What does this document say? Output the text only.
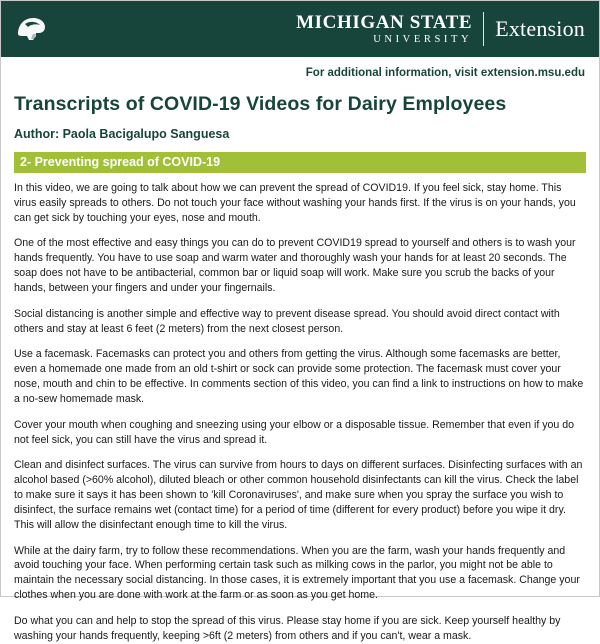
MICHIGAN STATE
UNIVERSITY Extension
For additional information, visit extension.msu.edu
Transcripts of COVID-19 Videos for Dairy Employees
Author: Paola Bacigalupo Sanguesa
2- Preventing spread of COVID-19

In this video, we are going to talk about how we can prevent the spread of COVID19. If you feel sick, stay home. This virus easily spreads to others. Do not touch your face without washing your hands first. If the virus is on your hands, you can get sick by touching your eyes, nose and mouth.

One of the most effective and easy things you can do to prevent COVID19 spread to yourself and others is to wash your hands frequently. You have to use soap and warm water and thoroughly wash your hands for at least 20 seconds. The soap does not have to be antibacterial, common bar or liquid soap will work. Make sure you scrub the backs of your hands, between your fingers and under your fingernails.

Social distancing is another simple and effective way to prevent disease spread. You should avoid direct contact with others and stay at least 6 feet (2 meters) from the next closest person.

Use a facemask. Facemasks can protect you and others from getting the virus. Although some facemasks are better, even a homemade one made from an old t-shirt or sock can provide some protection. The facemask must cover your nose, mouth and chin to be effective. In comments section of this video, you can find a link to instructions on how to make a no-sew homemade mask.

Cover your mouth when coughing and sneezing using your elbow or a disposable tissue. Remember that even if you do not feel sick, you can still have the virus and spread it.

Clean and disinfect surfaces. The virus can survive from hours to days on different surfaces. Disinfecting surfaces with an alcohol based (>60% alcohol), diluted bleach or other common household disinfectants can kill the virus. Check the label to make sure it says it has been shown to 'kill Coronaviruses', and make sure when you spray the surface you wish to disinfect, the surface remains wet (contact time) for a period of time (different for every product) before you wipe it dry. This will allow the disinfectant enough time to kill the virus.

While at the dairy farm, try to follow these recommendations. When you are the farm, wash your hands frequently and avoid touching your face. When performing certain task such as milking cows in the parlor, you might not be able to maintain the necessary social distancing. In those cases, it is extremely important that you use a facemask. Change your clothes when you are done with work at the farm or as soon as you get home.

Do what you can and help to stop the spread of this virus. Please stay home if you are sick. Keep yourself healthy by washing your hands frequently, keeping >6ft (2 meters) from others and if you can't, wear a mask.
